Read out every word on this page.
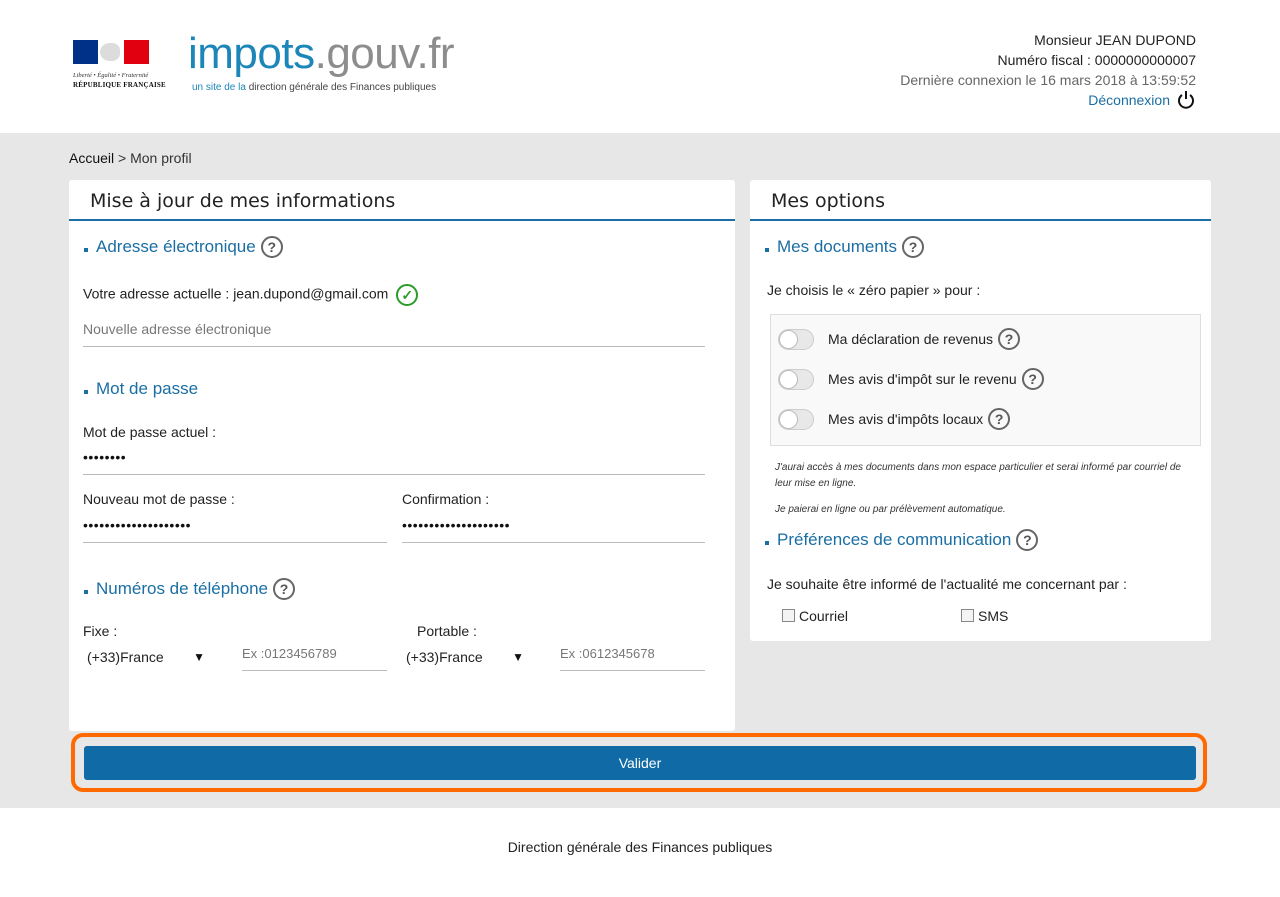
Liberté • Égalité • Fraternité
RÉPUBLIQUE FRANÇAISE
impots.gouv.fr
un site de la direction générale des Finances publiques
Monsieur JEAN DUPOND
Numéro fiscal : 0000000000007
Dernière connexion le 16 mars 2018 à 13:59:52
Déconnexion
Accueil > Mon profil
Mise à jour de mes informations
Adresse électronique ?
Votre adresse actuelle : jean.dupond@gmail.com ✓
Nouvelle adresse électronique
Mot de passe
Mot de passe actuel :
••••••••
Nouveau mot de passe :
••••••••••••••••••••
Confirmation :
••••••••••••••••••••
Numéros de téléphone ?
Fixe :
(+33)France ▼	Ex :0123456789
Portable :
(+33)France ▼	Ex :0612345678
Mes options
Mes documents ?
Je choisis le « zéro papier » pour :
Ma déclaration de revenus ?
Mes avis d'impôt sur le revenu ?
Mes avis d'impôts locaux ?
J'aurai accès à mes documents dans mon espace particulier et serai informé par courriel de leur mise en ligne.
Je paierai en ligne ou par prélèvement automatique.
Préférences de communication ?
Je souhaite être informé de l'actualité me concernant par :
Courriel	SMS
Valider
Direction générale des Finances publiques
